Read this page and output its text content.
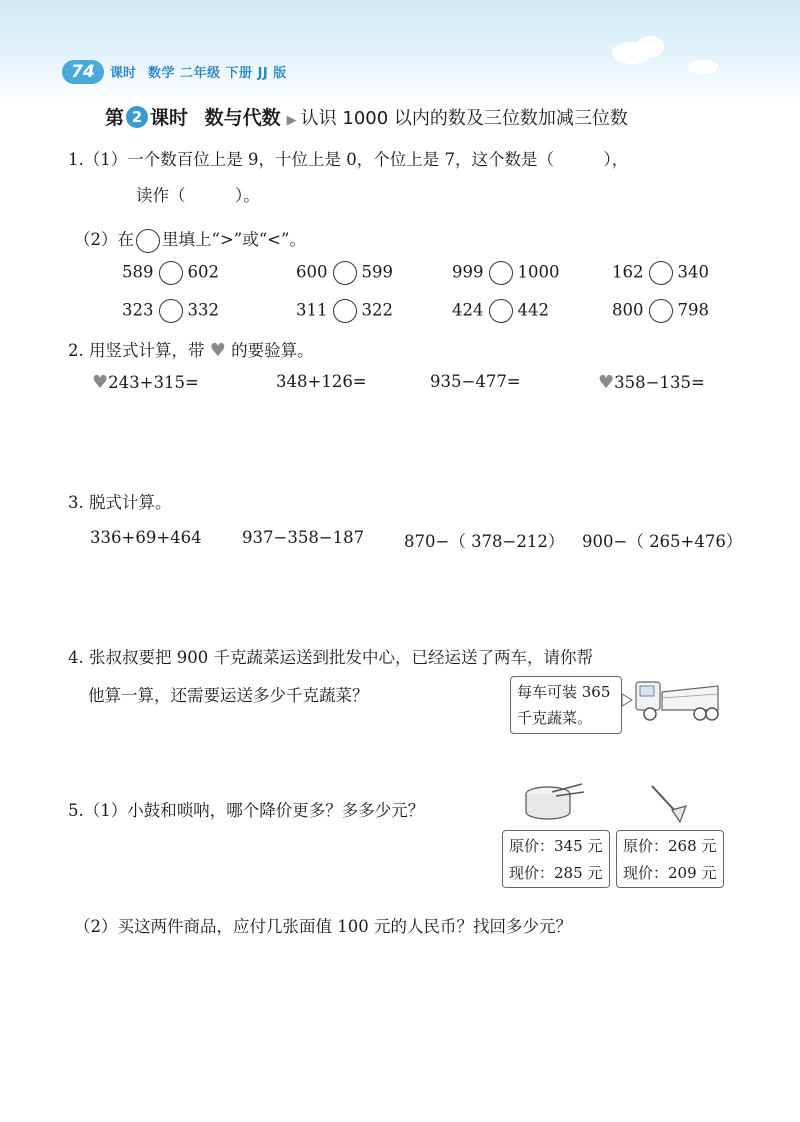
74	课时 数学 二年级 下册 JJ 版
第 2 课时 数与代数 ▶ 认识 1000 以内的数及三位数加减三位数
1.（1）一个数百位上是 9，十位上是 0，个位上是 7，这个数是（　　　），
读作（　　　）。
（2）在 里填上“>”或“<”。
589 602	600 599	999 1000	162 340
323 332	311 322	424 442	800 798
2. 用竖式计算，带 ♥ 的要验算。
♥243+315=	348+126=	935−477=	♥358−135=
3. 脱式计算。
336+69+464 937−358−187 870−（ 378−212） 900−（ 265+476）
4. 张叔叔要把 900 千克蔬菜运送到批发中心，已经运送了两车，请你帮
他算一算，还需要运送多少千克蔬菜？	每车可装 365
千克蔬菜。
5.（1）小鼓和唢呐，哪个降价更多？多多少元？
原价：345 元
现价：285 元
原价：268 元
现价：209 元
（2）买这两件商品，应付几张面值 100 元的人民币？找回多少元？
